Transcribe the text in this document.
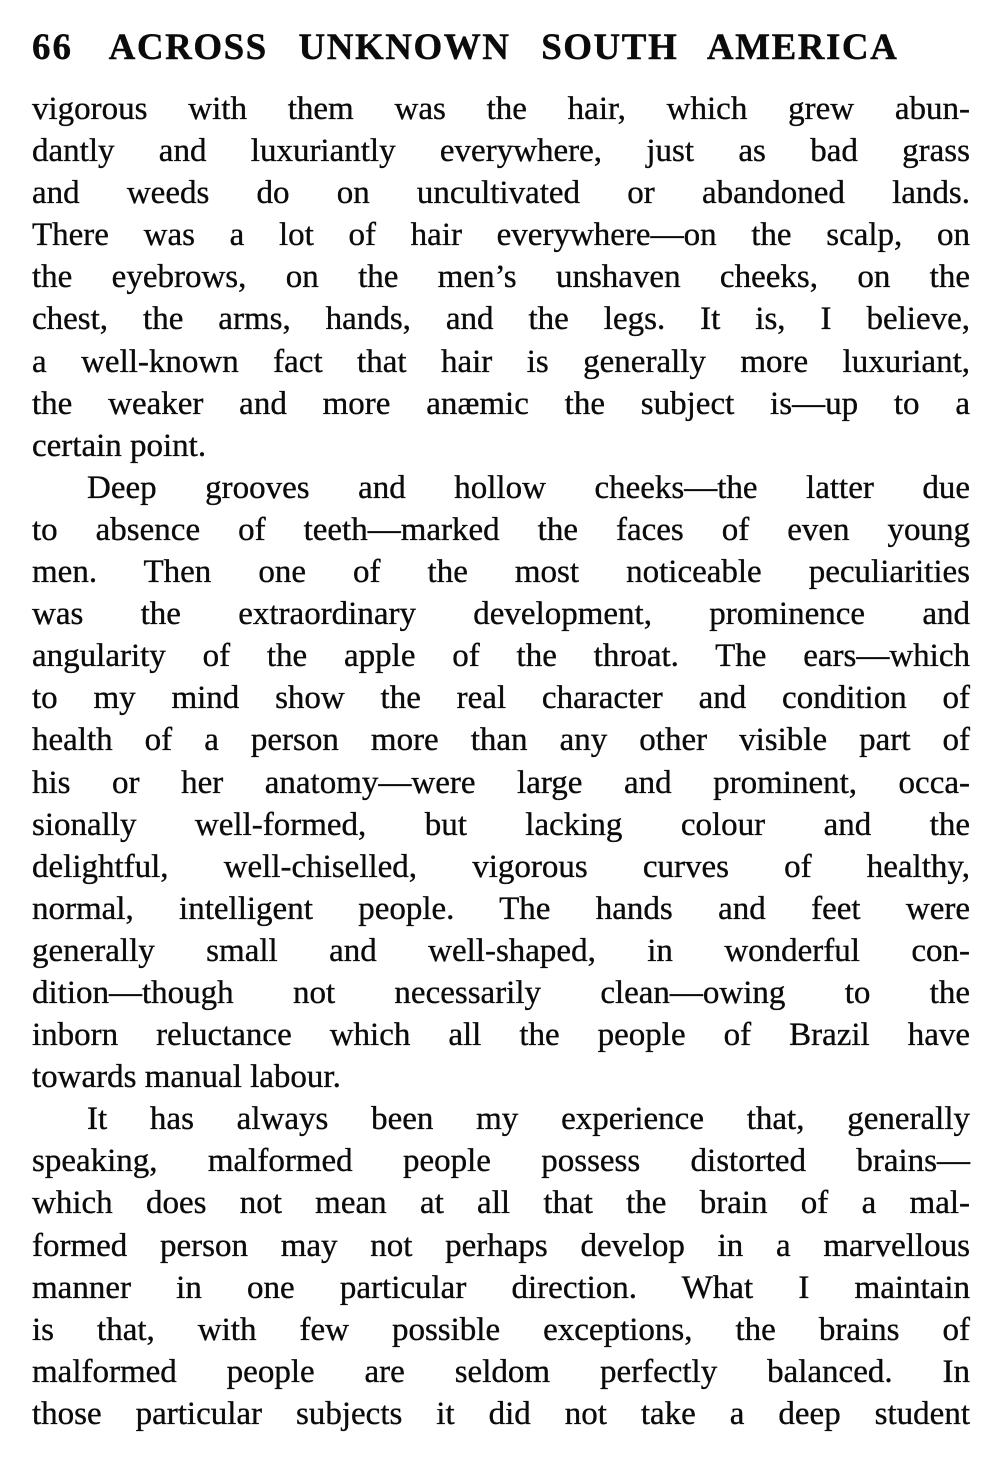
66 ACROSS UNKNOWN SOUTH AMERICA
vigorous with them was the hair, which grew abun-
dantly and luxuriantly everywhere, just as bad grass
and weeds do on uncultivated or abandoned lands.
There was a lot of hair everywhere—on the scalp, on
the eyebrows, on the men’s unshaven cheeks, on the
chest, the arms, hands, and the legs. It is, I believe,
a well-known fact that hair is generally more luxuriant,
the weaker and more anæmic the subject is—up to a
certain point.
Deep grooves and hollow cheeks—the latter due
to absence of teeth—marked the faces of even young
men. Then one of the most noticeable peculiarities
was the extraordinary development, prominence and
angularity of the apple of the throat. The ears—which
to my mind show the real character and condition of
health of a person more than any other visible part of
his or her anatomy—were large and prominent, occa-
sionally well-formed, but lacking colour and the
delightful, well-chiselled, vigorous curves of healthy,
normal, intelligent people. The hands and feet were
generally small and well-shaped, in wonderful con-
dition—though not necessarily clean—owing to the
inborn reluctance which all the people of Brazil have
towards manual labour.
It has always been my experience that, generally
speaking, malformed people possess distorted brains—
which does not mean at all that the brain of a mal-
formed person may not perhaps develop in a marvellous
manner in one particular direction. What I maintain
is that, with few possible exceptions, the brains of
malformed people are seldom perfectly balanced. In
those particular subjects it did not take a deep student
